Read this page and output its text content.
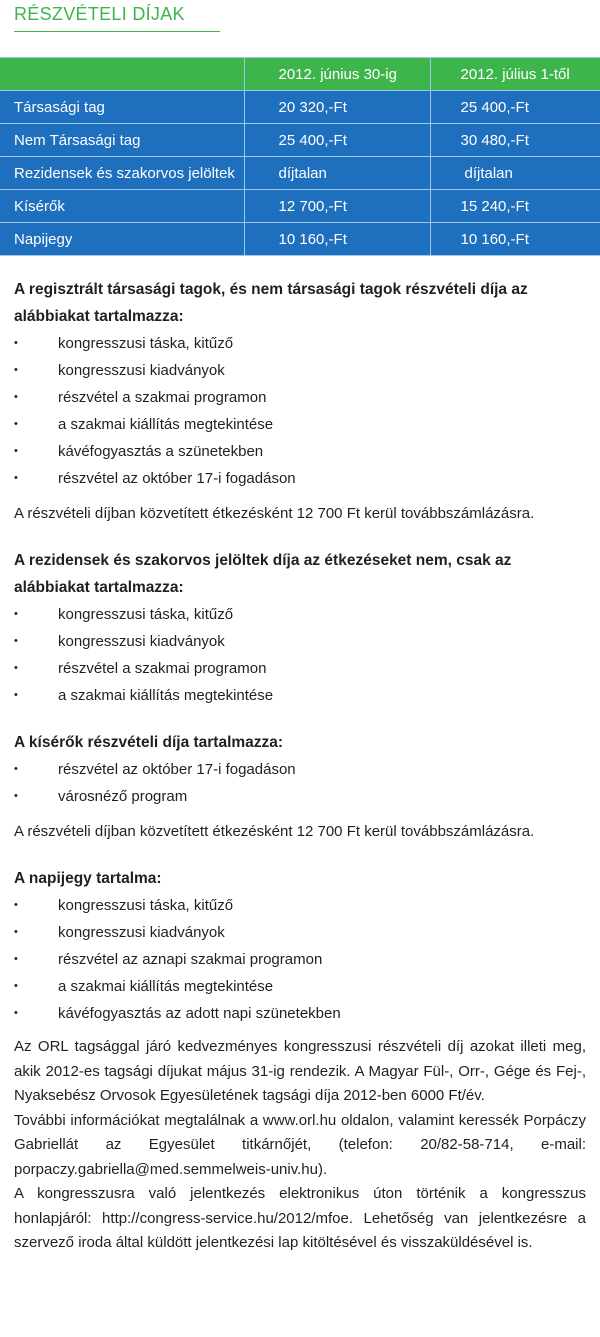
RÉSZVÉTELI DÍJAK
	2012. június 30-ig	2012. július 1-től
Társasági tag	20 320,-Ft	25 400,-Ft
Nem Társasági tag	25 400,-Ft	30 480,-Ft
Rezidensek és szakorvos jelöltek	díjtalan	díjtalan
Kísérők	12 700,-Ft	15 240,-Ft
Napijegy	10 160,-Ft	10 160,-Ft
A regisztrált társasági tagok, és nem társasági tagok részvételi díja az alábbiakat tartalmazza:
• kongresszusi táska, kitűző
• kongresszusi kiadványok
• részvétel a szakmai programon
• a szakmai kiállítás megtekintése
• kávéfogyasztás a szünetekben
• részvétel az október 17-i fogadáson

A részvételi díjban közvetített étkezésként 12 700 Ft kerül továbbszámlázásra.

A rezidensek és szakorvos jelöltek díja az étkezéseket nem, csak az alábbiakat tartalmazza:
• kongresszusi táska, kitűző
• kongresszusi kiadványok
• részvétel a szakmai programon
• a szakmai kiállítás megtekintése
A kísérők részvételi díja tartalmazza:
• részvétel az október 17-i fogadáson
• városnéző program

A részvételi díjban közvetített étkezésként 12 700 Ft kerül továbbszámlázásra.

A napijegy tartalma:
• kongresszusi táska, kitűző
• kongresszusi kiadványok
• részvétel az aznapi szakmai programon
• a szakmai kiállítás megtekintése
• kávéfogyasztás az adott napi szünetekben
Az ORL tagsággal járó kedvezményes kongresszusi részvételi díj azokat illeti meg, akik 2012-es tagsági díjukat május 31-ig rendezik. A Magyar Fül-, Orr-, Gége és Fej-, Nyaksebész Orvosok Egyesületének tagsági díja 2012-ben 6000 Ft/év.
További információkat megtalálnak a www.orl.hu oldalon, valamint keressék Porpáczy Gabriellát az Egyesület titkárnőjét, (telefon: 20/82-58-714, e-mail: porpaczy.gabriella@med.semmelweis-univ.hu).
A kongresszusra való jelentkezés elektronikus úton történik a kongresszus honlapjáról: http://congress-service.hu/2012/mfoe. Lehetőség van jelentkezésre a szervező iroda által küldött jelentkezési lap kitöltésével és visszaküldésével is.
